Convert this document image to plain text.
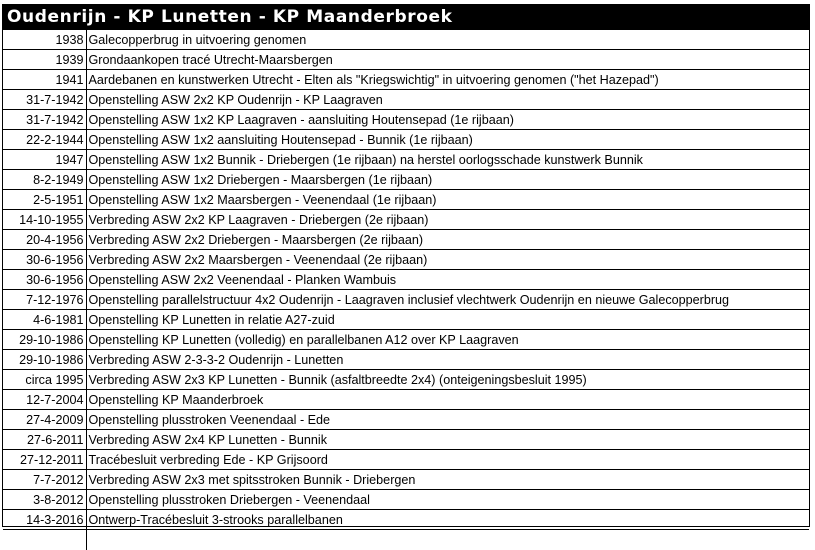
Oudenrijn - KP Lunetten - KP Maanderbroek
1938	Galecopperbrug in uitvoering genomen
1939	Grondaankopen tracé Utrecht-Maarsbergen
1941	Aardebanen en kunstwerken Utrecht - Elten als "Kriegswichtig" in uitvoering genomen ("het Hazepad")
31-7-1942	Openstelling ASW 2x2 KP Oudenrijn - KP Laagraven
31-7-1942	Openstelling ASW 1x2 KP Laagraven - aansluiting Houtensepad (1e rijbaan)
22-2-1944	Openstelling ASW 1x2 aansluiting Houtensepad - Bunnik (1e rijbaan)
1947	Openstelling ASW 1x2 Bunnik - Driebergen (1e rijbaan) na herstel oorlogsschade kunstwerk Bunnik
8-2-1949	Openstelling ASW 1x2 Driebergen - Maarsbergen (1e rijbaan)
2-5-1951	Openstelling ASW 1x2 Maarsbergen - Veenendaal (1e rijbaan)
14-10-1955	Verbreding ASW 2x2 KP Laagraven - Driebergen (2e rijbaan)
20-4-1956	Verbreding ASW 2x2 Driebergen - Maarsbergen (2e rijbaan)
30-6-1956	Verbreding ASW 2x2 Maarsbergen - Veenendaal (2e rijbaan)
30-6-1956	Openstelling ASW 2x2 Veenendaal - Planken Wambuis
7-12-1976	Openstelling parallelstructuur 4x2 Oudenrijn - Laagraven inclusief vlechtwerk Oudenrijn en nieuwe Galecopperbrug
4-6-1981	Openstelling KP Lunetten in relatie A27-zuid
29-10-1986	Openstelling KP Lunetten (volledig) en parallelbanen A12 over KP Laagraven
29-10-1986	Verbreding ASW 2-3-3-2 Oudenrijn - Lunetten
circa 1995	Verbreding ASW 2x3 KP Lunetten - Bunnik (asfaltbreedte 2x4) (onteigeningsbesluit 1995)
12-7-2004	Openstelling KP Maanderbroek
27-4-2009	Openstelling plusstroken Veenendaal - Ede
27-6-2011	Verbreding ASW 2x4 KP Lunetten - Bunnik
27-12-2011	Tracébesluit verbreding Ede - KP Grijsoord
7-7-2012	Verbreding ASW 2x3 met spitsstroken Bunnik - Driebergen
3-8-2012	Openstelling plusstroken Driebergen - Veenendaal
14-3-2016	Ontwerp-Tracébesluit 3-strooks parallelbanen
